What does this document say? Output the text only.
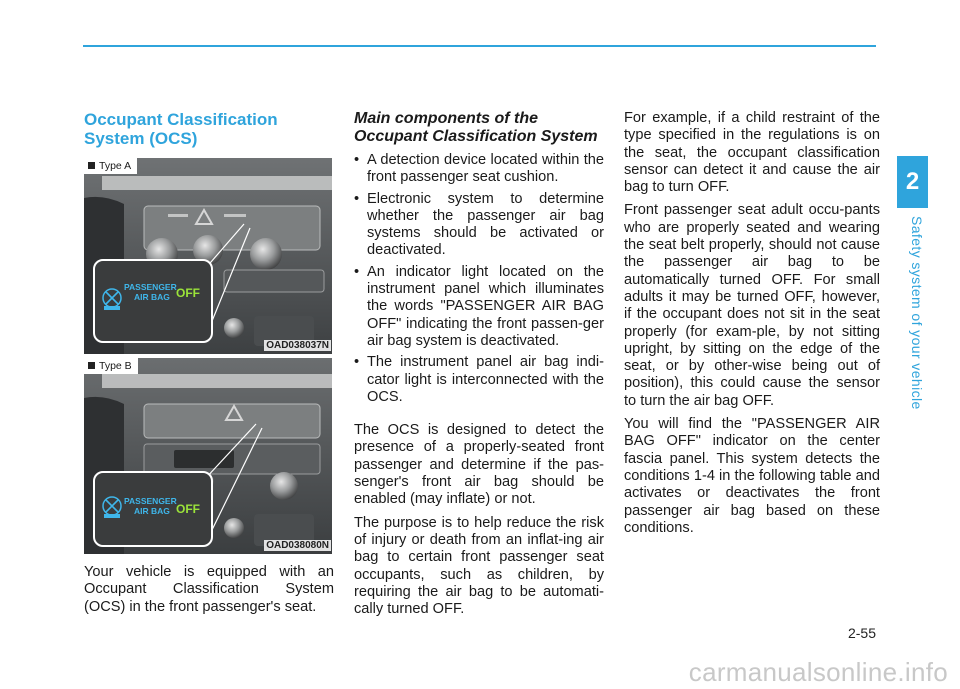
2
Safety system of your vehicle
Occupant Classification
System (OCS)
Type A
PASSENGER
AIR BAG OFF
OAD038037N
Type B
PASSENGER
AIR BAG OFF
OAD038080N

Your vehicle is equipped with an Occupant Classification System (OCS) in the front passenger's seat.

Main components of the
Occupant Classification System
• A detection device located within the front passenger seat cushion.
• Electronic system to determine whether the passenger air bag systems should be activated or deactivated.
• An indicator light located on the instrument panel which illuminates the words "PASSENGER AIR BAG OFF" indicating the front passen-ger air bag system is deactivated.
• The instrument panel air bag indi-cator light is interconnected with the OCS.

The OCS is designed to detect the presence of a properly-seated front passenger and determine if the pas-senger's front air bag should be enabled (may inflate) or not.

The purpose is to help reduce the risk of injury or death from an inflat-ing air bag to certain front passenger seat occupants, such as children, by requiring the air bag to be automati-cally turned OFF.

For example, if a child restraint of the type specified in the regulations is on the seat, the occupant classification sensor can detect it and cause the air bag to turn OFF.

Front passenger seat adult occu-pants who are properly seated and wearing the seat belt properly, should not cause the passenger air bag to be automatically turned OFF. For small adults it may be turned OFF, however, if the occupant does not sit in the seat properly (for exam-ple, by not sitting upright, by sitting on the edge of the seat, or by other-wise being out of position), this could cause the sensor to turn the air bag OFF.

You will find the "PASSENGER AIR BAG OFF" indicator on the center fascia panel. This system detects the conditions 1-4 in the following table and activates or deactivates the front passenger air bag based on these conditions.

2-55
carmanualsonline.info
